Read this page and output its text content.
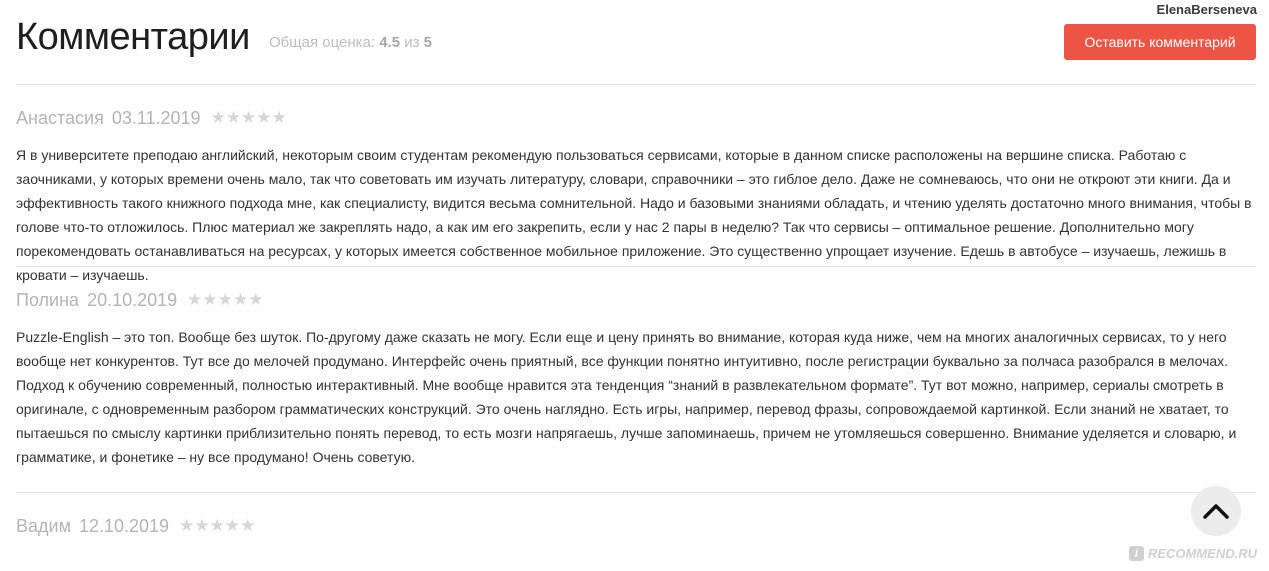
ElenaBerseneva
Комментарии Общая оценка: 4.5 из 5	Оставить комментарий
Анастасия 03.11.2019 ★★★★★
Я в университете преподаю английский, некоторым своим студентам рекомендую пользоваться сервисами, которые в данном списке расположены на вершине списка. Работаю с заочниками, у которых времени очень мало, так что советовать им изучать литературу, словари, справочники – это гиблое дело. Даже не сомневаюсь, что они не откроют эти книги. Да и эффективность такого книжного подхода мне, как специалисту, видится весьма сомнительной. Надо и базовыми знаниями обладать, и чтению уделять достаточно много внимания, чтобы в голове что-то отложилось. Плюс материал же закреплять надо, а как им его закрепить, если у нас 2 пары в неделю? Так что сервисы – оптимальное решение. Дополнительно могу порекомендовать останавливаться на ресурсах, у которых имеется собственное мобильное приложение. Это существенно упрощает изучение. Едешь в автобусе – изучаешь, лежишь в кровати – изучаешь.
Полина 20.10.2019 ★★★★★
Puzzle-English – это топ. Вообще без шуток. По-другому даже сказать не могу. Если еще и цену принять во внимание, которая куда ниже, чем на многих аналогичных сервисах, то у него вообще нет конкурентов. Тут все до мелочей продумано. Интерфейс очень приятный, все функции понятно интуитивно, после регистрации буквально за полчаса разобрался в мелочах. Подход к обучению современный, полностью интерактивный. Мне вообще нравится эта тенденция “знаний в развлекательном формате”. Тут вот можно, например, сериалы смотреть в оригинале, с одновременным разбором грамматических конструкций. Это очень наглядно. Есть игры, например, перевод фразы, сопровождаемой картинкой. Если знаний не хватает, то пытаешься по смыслу картинки приблизительно понять перевод, то есть мозги напрягаешь, лучше запоминаешь, причем не утомляешься совершенно. Внимание уделяется и словарю, и грамматике, и фонетике – ну все продумано! Очень советую.
Вадим 12.10.2019 ★★★★★
i RECOMMEND.RU
